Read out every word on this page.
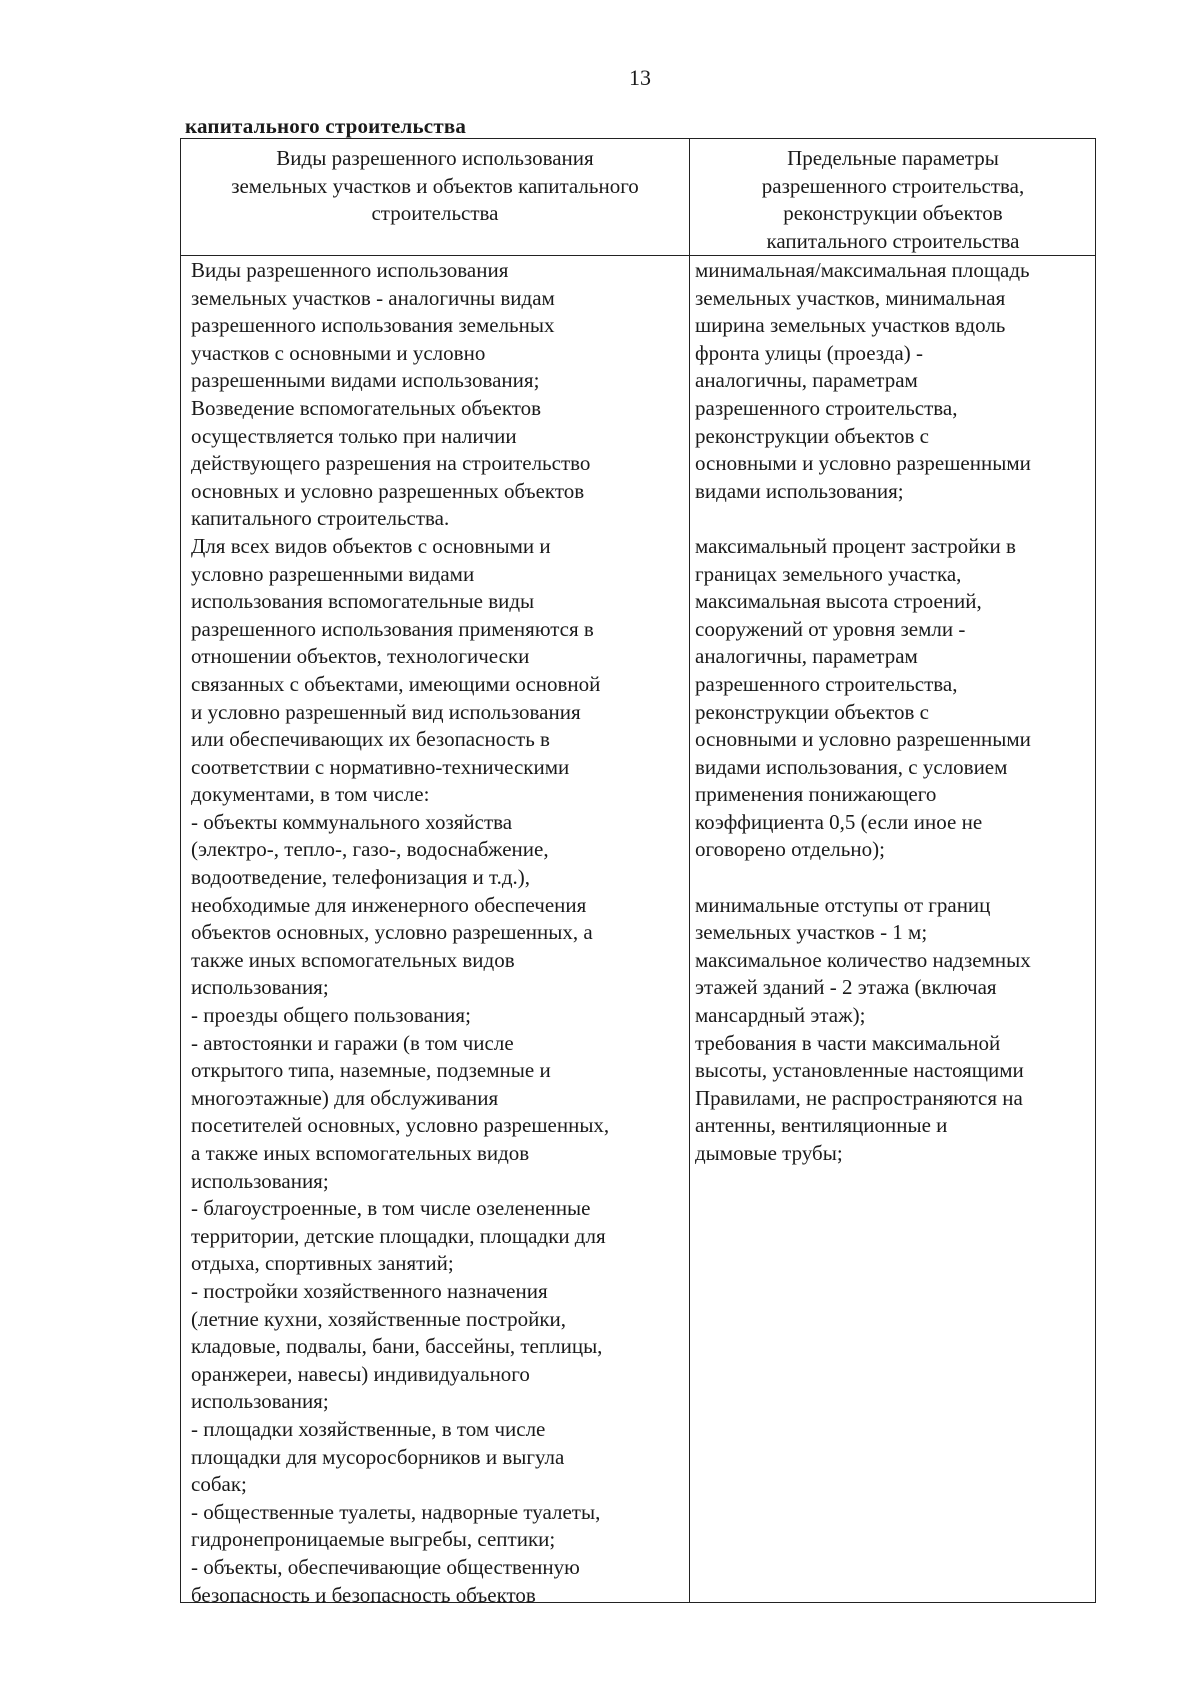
13
капитального строительства
Виды разрешенного использования
земельных участков и объектов капитального
строительства
Предельные параметры
разрешенного строительства,
реконструкции объектов
капитального строительства
Виды разрешенного использования
земельных участков - аналогичны видам
разрешенного использования земельных
участков с основными и условно
разрешенными видами использования;
Возведение вспомогательных объектов
осуществляется только при наличии
действующего разрешения на строительство
основных и условно разрешенных объектов
капитального строительства.
Для всех видов объектов с основными и
условно разрешенными видами
использования вспомогательные виды
разрешенного использования применяются в
отношении объектов, технологически
связанных с объектами, имеющими основной
и условно разрешенный вид использования
или обеспечивающих их безопасность в
соответствии с нормативно-техническими
документами, в том числе:
- объекты коммунального хозяйства
(электро-, тепло-, газо-, водоснабжение,
водоотведение, телефонизация и т.д.),
необходимые для инженерного обеспечения
объектов основных, условно разрешенных, а
также иных вспомогательных видов
использования;
- проезды общего пользования;
- автостоянки и гаражи (в том числе
открытого типа, наземные, подземные и
многоэтажные) для обслуживания
посетителей основных, условно разрешенных,
а также иных вспомогательных видов
использования;
- благоустроенные, в том числе озелененные
территории, детские площадки, площадки для
отдыха, спортивных занятий;
- постройки хозяйственного назначения
(летние кухни, хозяйственные постройки,
кладовые, подвалы, бани, бассейны, теплицы,
оранжереи, навесы) индивидуального
использования;
- площадки хозяйственные, в том числе
площадки для мусоросборников и выгула
собак;
- общественные туалеты, надворные туалеты,
гидронепроницаемые выгребы, септики;
- объекты, обеспечивающие общественную
безопасность и безопасность объектов
минимальная/максимальная площадь
земельных участков, минимальная
ширина земельных участков вдоль
фронта улицы (проезда) -
аналогичны, параметрам
разрешенного строительства,
реконструкции объектов с
основными и условно разрешенными
видами использования;
максимальный процент застройки в
границах земельного участка,
максимальная высота строений,
сооружений от уровня земли -
аналогичны, параметрам
разрешенного строительства,
реконструкции объектов с
основными и условно разрешенными
видами использования, с условием
применения понижающего
коэффициента 0,5 (если иное не
оговорено отдельно);
минимальные отступы от границ
земельных участков - 1 м;
максимальное количество надземных
этажей зданий - 2 этажа (включая
мансардный этаж);
требования в части максимальной
высоты, установленные настоящими
Правилами, не распространяются на
антенны, вентиляционные и
дымовые трубы;
